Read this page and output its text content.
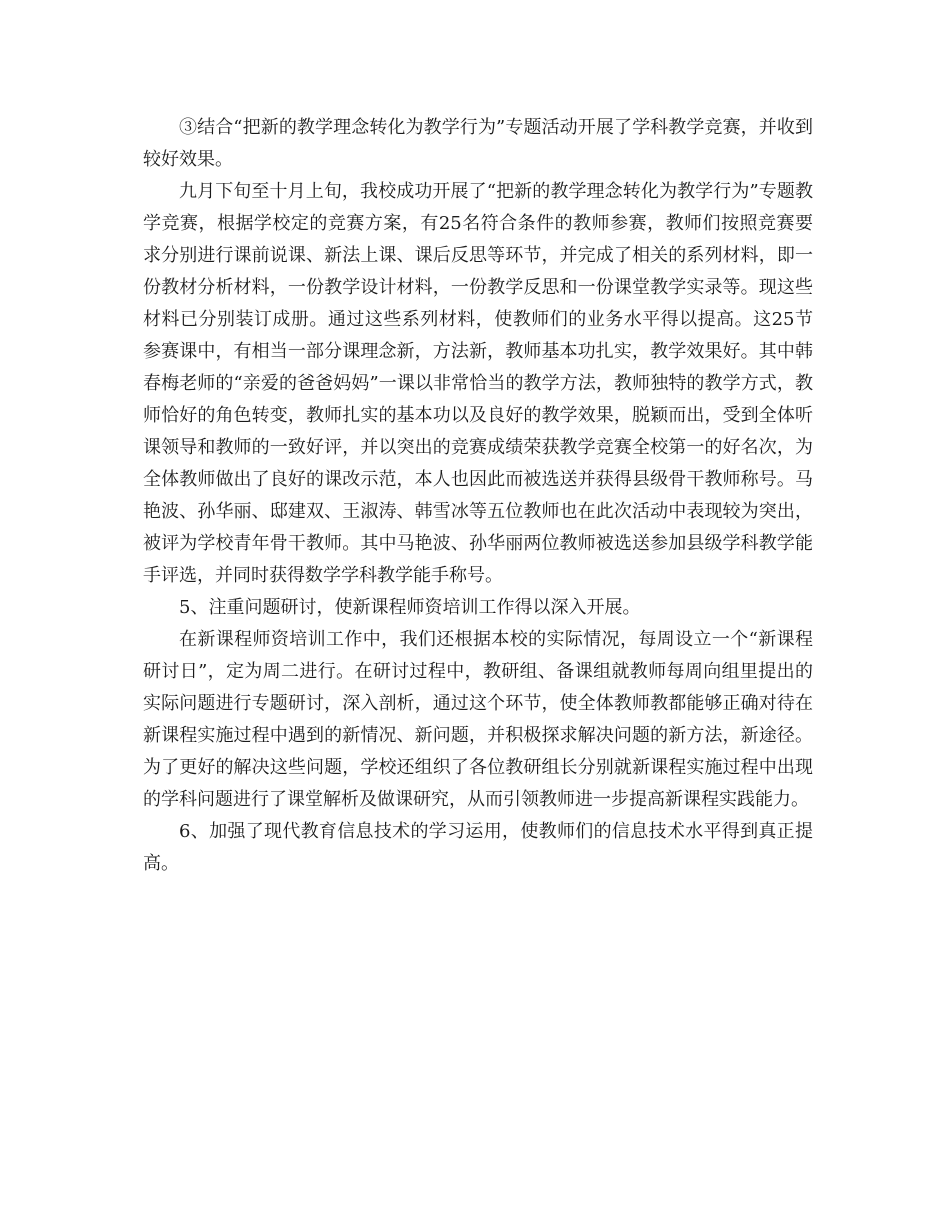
③结合“把新的教学理念转化为教学行为”专题活动开展了学科教学竞赛，并收到较好效果。

九月下旬至十月上旬，我校成功开展了“把新的教学理念转化为教学行为”专题教学竞赛，根据学校定的竞赛方案，有25名符合条件的教师参赛，教师们按照竞赛要求分别进行课前说课、新法上课、课后反思等环节，并完成了相关的系列材料，即一份教材分析材料，一份教学设计材料，一份教学反思和一份课堂教学实录等。现这些材料已分别装订成册。通过这些系列材料，使教师们的业务水平得以提高。这25节参赛课中，有相当一部分课理念新，方法新，教师基本功扎实，教学效果好。其中韩春梅老师的“亲爱的爸爸妈妈”一课以非常恰当的教学方法，教师独特的教学方式，教师恰好的角色转变，教师扎实的基本功以及良好的教学效果，脱颖而出，受到全体听课领导和教师的一致好评，并以突出的竞赛成绩荣获教学竞赛全校第一的好名次，为全体教师做出了良好的课改示范，本人也因此而被选送并获得县级骨干教师称号。马艳波、孙华丽、邸建双、王淑涛、韩雪冰等五位教师也在此次活动中表现较为突出，被评为学校青年骨干教师。其中马艳波、孙华丽两位教师被选送参加县级学科教学能手评选，并同时获得数学学科教学能手称号。

5、注重问题研讨，使新课程师资培训工作得以深入开展。

在新课程师资培训工作中，我们还根据本校的实际情况，每周设立一个“新课程研讨日”，定为周二进行。在研讨过程中，教研组、备课组就教师每周向组里提出的实际问题进行专题研讨，深入剖析，通过这个环节，使全体教师教都能够正确对待在新课程实施过程中遇到的新情况、新问题，并积极探求解决问题的新方法，新途径。为了更好的解决这些问题，学校还组织了各位教研组长分别就新课程实施过程中出现的学科问题进行了课堂解析及做课研究，从而引领教师进一步提高新课程实践能力。

6、加强了现代教育信息技术的学习运用，使教师们的信息技术水平得到真正提高。
